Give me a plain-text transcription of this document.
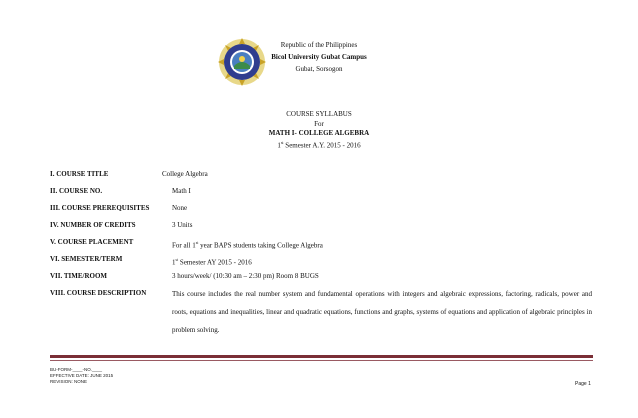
Republic of the Philippines
Bicol University Gubat Campus
Gubat, Sorsogon
COURSE SYLLABUS
For
MATH I- COLLEGE ALGEBRA
1st Semester A.Y. 2015 - 2016
I. COURSE TITLE	College Algebra
II. COURSE NO.	Math I
III. COURSE PREREQUISITES	None
IV. NUMBER OF CREDITS	3 Units
V. COURSE PLACEMENT	For all 1st year BAPS students taking College Algebra
VI. SEMESTER/TERM	1st Semester AY 2015 - 2016
VII. TIME/ROOM	3 hours/week/ (10:30 am – 2:30 pm) Room 8 BUGS
VIII. COURSE DESCRIPTION	This course includes the real number system and fundamental operations with integers and algebraic expressions, factoring, radicals, power and roots, equations and inequalities, linear and quadratic equations, functions and graphs, systems of equations and application of algebraic principles in problem solving.
BU-FORM-____-NO.____
EFFECTIVE DATE: JUNE 2015
REVISION: NONE	Page 1
